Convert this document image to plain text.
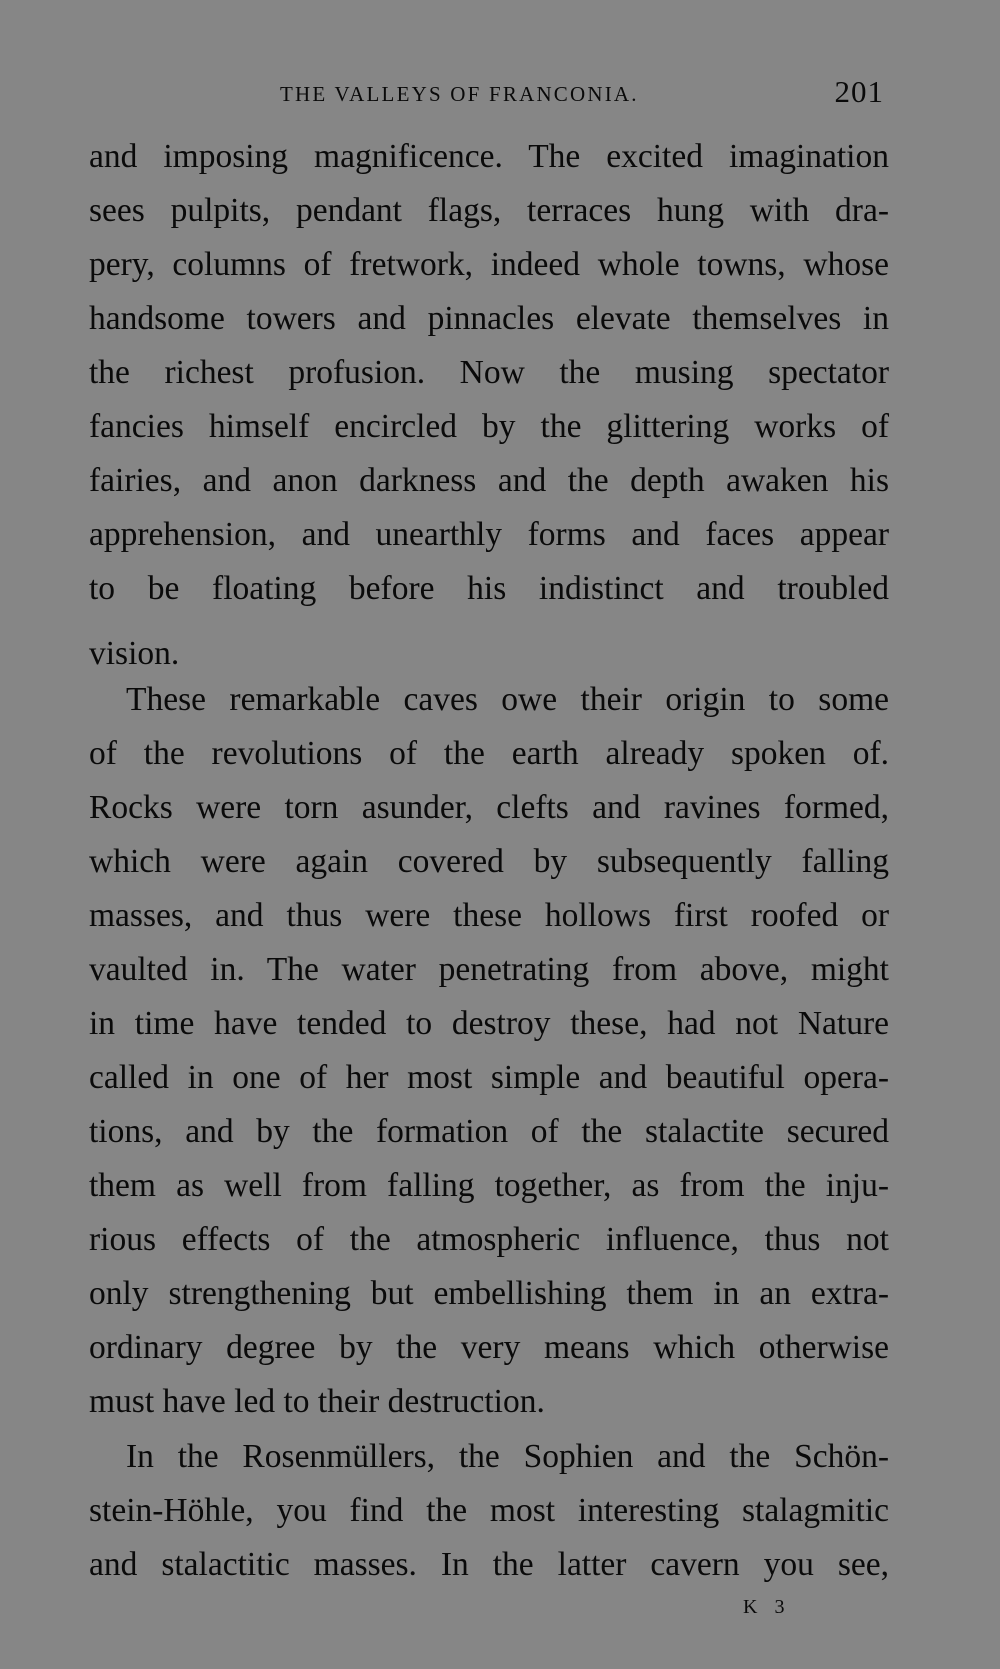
THE VALLEYS OF FRANCONIA.	201
and imposing magnificence. The excited imagination
sees pulpits, pendant flags, terraces hung with dra-
pery, columns of fretwork, indeed whole towns, whose
handsome towers and pinnacles elevate themselves in
the richest profusion. Now the musing spectator
fancies himself encircled by the glittering works of
fairies, and anon darkness and the depth awaken his
apprehension, and unearthly forms and faces appear
to be floating before his indistinct and troubled
vision.
These remarkable caves owe their origin to some
of the revolutions of the earth already spoken of.
Rocks were torn asunder, clefts and ravines formed,
which were again covered by subsequently falling
masses, and thus were these hollows first roofed or
vaulted in. The water penetrating from above, might
in time have tended to destroy these, had not Nature
called in one of her most simple and beautiful opera-
tions, and by the formation of the stalactite secured
them as well from falling together, as from the inju-
rious effects of the atmospheric influence, thus not
only strengthening but embellishing them in an extra-
ordinary degree by the very means which otherwise
must have led to their destruction.
In the Rosenmüllers, the Sophien and the Schön-
stein-Höhle, you find the most interesting stalagmitic
and stalactitic masses. In the latter cavern you see,
K 3
